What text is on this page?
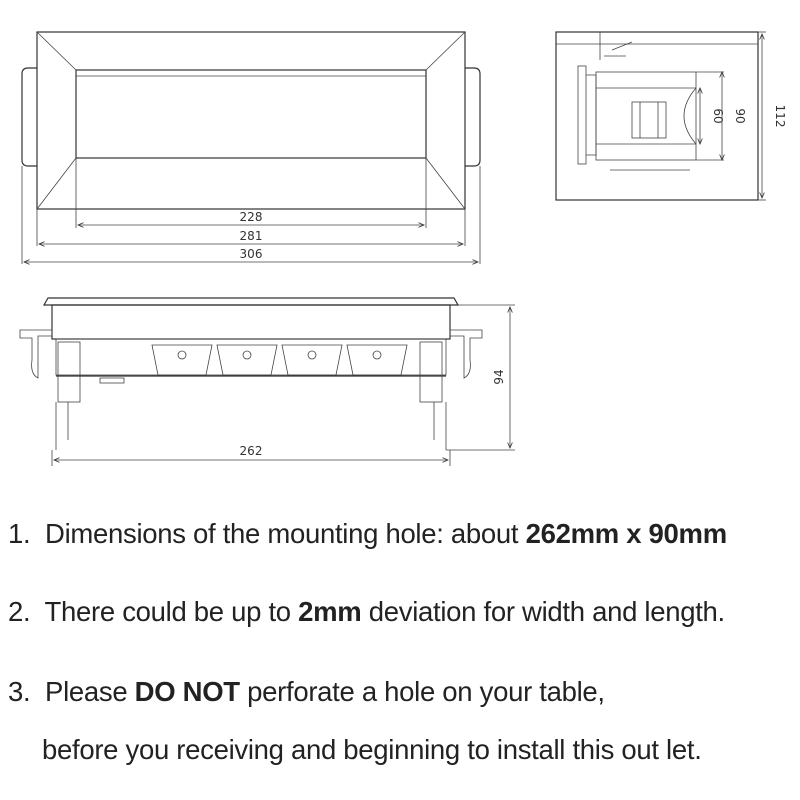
228
281
306
60 90 112
94
262
1. Dimensions of the mounting hole: about 262mm x 90mm
2. There could be up to 2mm deviation for width and length.
3. Please DO NOT perforate a hole on your table,
before you receiving and beginning to install this out let.
